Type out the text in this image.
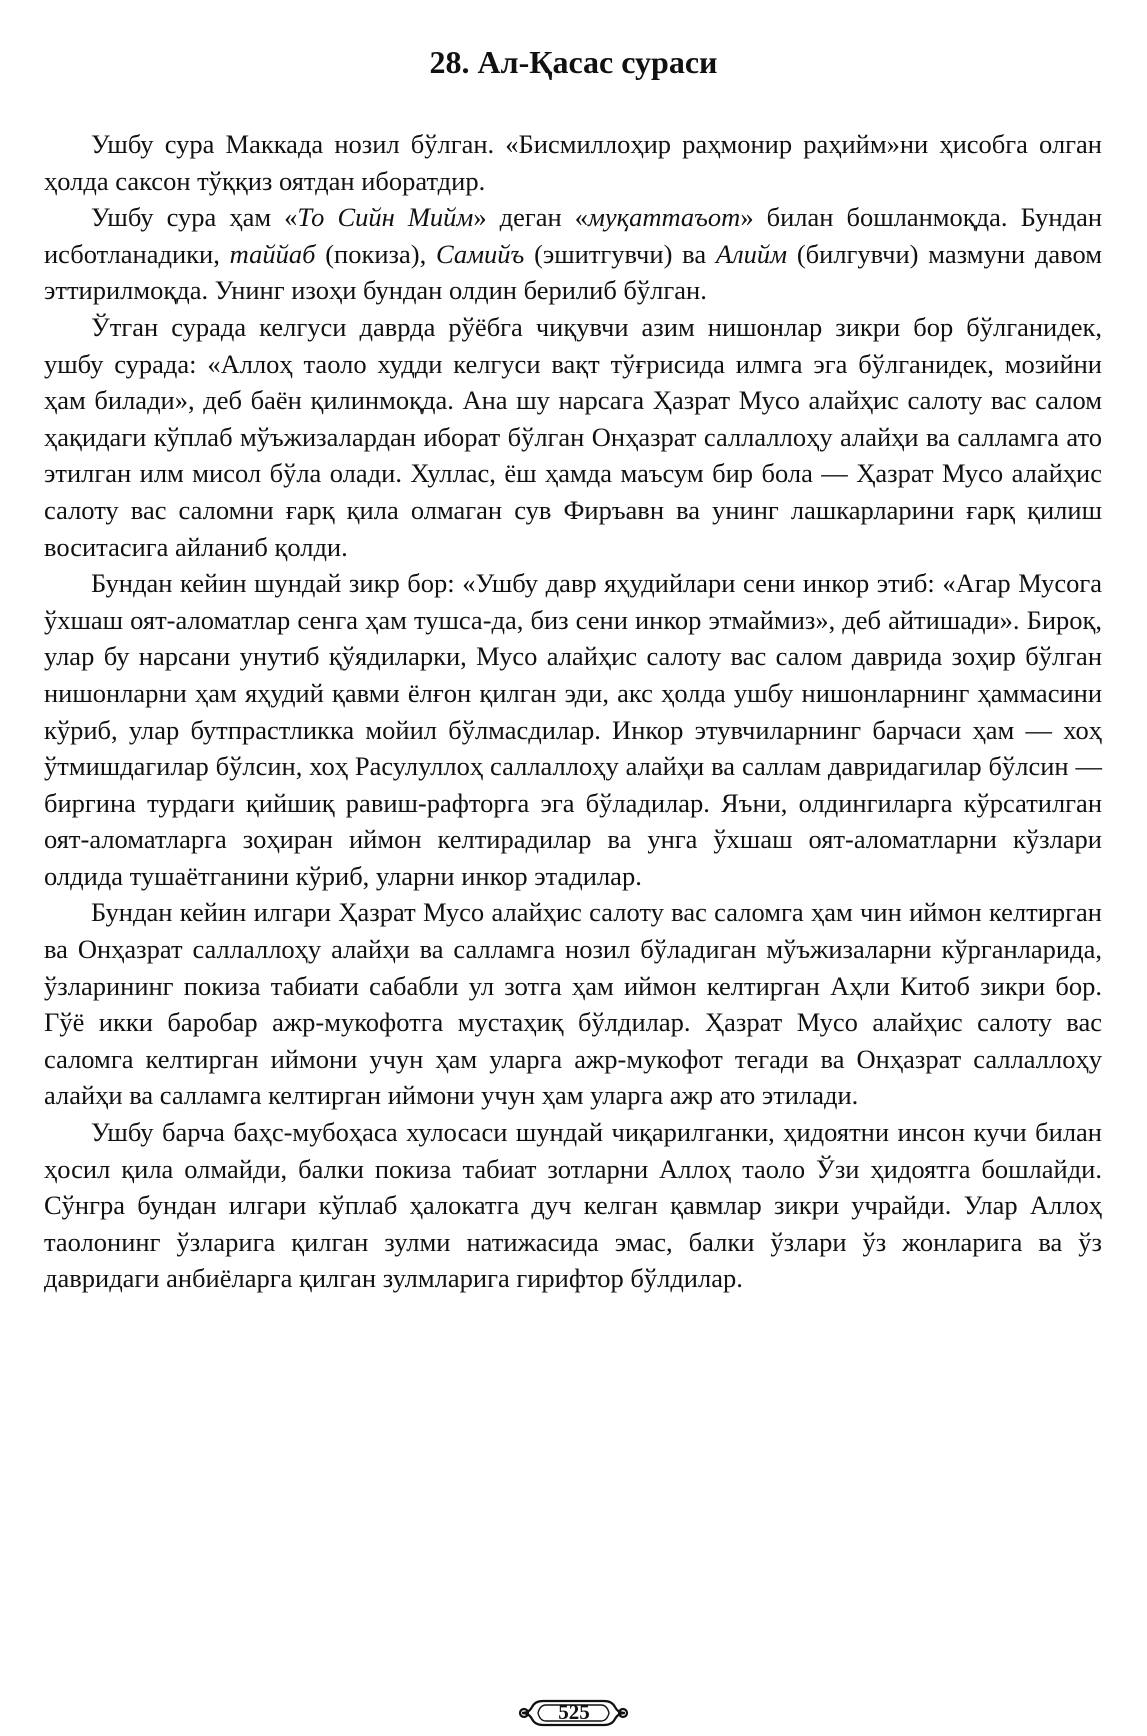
28. Ал-Қасас сураси

Ушбу сура Маккада нозил бўлган. «Бисмиллоҳир раҳмонир раҳийм»ни ҳисобга олган ҳолда саксон тўққиз оятдан иборатдир.

Ушбу сура ҳам «То Сийн Мийм» деган «муқаттаъот» билан бошланмоқда. Бундан исботланадики, таййаб (покиза), Самийъ (эшитгувчи) ва Алийм (билгувчи) мазмуни давом эттирилмоқда. Унинг изоҳи бундан олдин берилиб бўлган.

Ўтган сурада келгуси даврда рўёбга чиқувчи азим нишонлар зикри бор бўлганидек, ушбу сурада: «Аллоҳ таоло худди келгуси вақт тўғрисида илмга эга бўлганидек, мозийни ҳам билади», деб баён қилинмоқда. Ана шу нарсага Ҳазрат Мусо алайҳис салоту вас салом ҳақидаги кўплаб мўъжизалардан иборат бўлган Онҳазрат саллаллоҳу алайҳи ва салламга ато этилган илм мисол бўла олади. Хуллас, ёш ҳамда маъсум бир бола — Ҳазрат Мусо алайҳис салоту вас саломни ғарқ қила олмаган сув Фиръавн ва унинг лашкарларини ғарқ қилиш воситасига айланиб қолди.

Бундан кейин шундай зикр бор: «Ушбу давр яҳудийлари сени инкор этиб: «Агар Мусога ўхшаш оят-аломатлар сенга ҳам тушса-да, биз сени инкор этмаймиз», деб айтишади». Бироқ, улар бу нарсани унутиб қўядиларки, Мусо алайҳис салоту вас салом даврида зоҳир бўлган нишонларни ҳам яҳудий қавми ёлғон қилган эди, акс ҳолда ушбу нишонларнинг ҳаммасини кўриб, улар бутпрастликка мойил бўлмасдилар. Инкор этувчиларнинг барчаси ҳам — хоҳ ўтмишдагилар бўлсин, хоҳ Расулуллоҳ саллаллоҳу алайҳи ва саллам давридагилар бўлсин — биргина турдаги қийшиқ равиш-рафторга эга бўладилар. Яъни, олдингиларга кўрсатилган оят-аломатларга зоҳиран иймон келтирадилар ва унга ўхшаш оят-аломатларни кўзлари олдида тушаётганини кўриб, уларни инкор этадилар.

Бундан кейин илгари Ҳазрат Мусо алайҳис салоту вас саломга ҳам чин иймон келтирган ва Онҳазрат саллаллоҳу алайҳи ва салламга нозил бўладиган мўъжизаларни кўрганларида, ўзларининг покиза табиати сабабли ул зотга ҳам иймон келтирган Аҳли Китоб зикри бор. Гўё икки баробар ажр-мукофотга мустаҳиқ бўлдилар. Ҳазрат Мусо алайҳис салоту вас саломга келтирган иймони учун ҳам уларга ажр-мукофот тегади ва Онҳазрат саллаллоҳу алайҳи ва салламга келтирган иймони учун ҳам уларга ажр ато этилади.

Ушбу барча баҳс-мубоҳаса хулосаси шундай чиқарилганки, ҳидоятни инсон кучи билан ҳосил қила олмайди, балки покиза табиат зотларни Аллоҳ таоло Ўзи ҳидоятга бошлайди. Сўнгра бундан илгари кўплаб ҳалокатга дуч келган қавмлар зикри учрайди. Улар Аллоҳ таолонинг ўзларига қилган зулми натижасида эмас, балки ўзлари ўз жонларига ва ўз давридаги анбиёларга қилган зулмларига гирифтор бўлдилар.

525
